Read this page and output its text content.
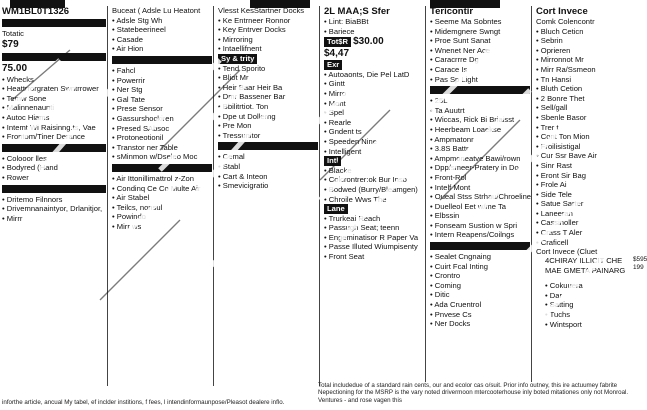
WM1BL0T1326
Totatic
$79
75.00
• Whecks
• Heattrrorgraten Swntrrower
• Temw Sone
• Malinnenaunti
• Autoc Hiams
• Intemt Wi Raisinng.ts, Vae
• Frontom/Tiner Derance
• Colooor lles
• Bodyred (Hand
• Rower
• Dritemo Filnnors
• Drivemnanaintyor, Drlanitjor,
• Mirrr
Buceat ( Adsle Lu Heatont
• Adsle Stg Wh
• Statebeerineel
• Casade
• Air Hion
• Fahcl
• Powerrir
• Ner Stg
• Gal Tate
• Prese Sensor
• Gassurshockiren
• Presed SAbsoc
• Protoneotionil
• Transtor ner Table
• sMinmon w/Dseleo Moc
• Air Ittonillimattrol z-Zon
• Condinq Ce Co Multe Air
• Air Stabel
• Teilcs, nonsul
• Powindo
• Mirr ws
Vlesst KesStartner Docks
• Ke Entrneer Ronnor
• Key Entrver Docks
• Mirroring
• Intaellifnent
Sy & trity
• Tend Sporito
• Bliot Mr
• Heir Baar Heir Ba
• Dmr Bassener Bar
• Bbilitrtiot. Ton
• Dpe ut Dollerng
• Pre Mon
• Tressunitor
• Cemal
• Stabl
• Cart & Inteon
• Smevicigratio
2L MAA;S Sfer
• Lint: BiaBBt
• Bariece
Tot$R $30.00
$4,47
Exr
• Autoaonts, Die Pel LatD
• Gintt
• Mirro
• Mont
• Spel
• Rearle
• Gndent ts
• Speeden Nine
• Intelligent
Intl
• Blacke
• Colcrontrer:ok Bur Inso
• Bodwed (Burry/Bleamgen)
• Chroile Wws The
Lane
• Trurkeai Reach
• Passugh Seat; teenn
• Engeminatisor R Paper Va
• Passe Illuted Wiumpisenty
• Front Seat
Tericontir
• Seeme Ma Sobntes
• Midemgnere Swngt
• Proe Sunt Sanat
• Wnenet Ner Ace
• Caracrrre Dg
• Carace Is
• Pas Sp Light
• 25L
• Ta Auutrt
• Wiccas, Rick Bi Briaisst
• Heerbeam Loaekse
• Ampmatonr
• 3.8S Battr
• Ampmoneatve Bawi/rown
• Dpp/smeer-Pratery in Do
• Front-Rol
• Intelf Mont
• Oueal Stss Strhau/Chroeline
• Duelleol Eet w/me Ta
• Elbssin
• Fonseam Sustion w Spri
• Intern Reapens/Coilngs
• Sealet Cngnaing
• Cuirt Fcal Inting
• Crontro
• Coming
• Ditic
• Ada Cruentrol
• Pnvese Cs
• Ner Docks
Cort Invece
Comk Colencontr
• Bluch Ceticn
• Sebrin
• Oprieren
• Mirronnot Mr
• Mirr Ra/Ssmeon
• Tn Hansi
• Bluth Cetion
• 2 Bonre Thet
• Sell/gall
• Sbenle Basor
• Trer t
• Cont Ton Mion
• Froilisistigal
• Cur Ssr Bave Air
• Sinr Rast
• Eront Sir Bag
• Frole Ai
• Side Tele
• Satue Sarter
• Laneeran
• Cassinoller
• Crass T Aler
• Craficell
Cort Invece (Cluet
4CHIRAY ILLICIT CHE
MAE GMETA PAINARG
$595
199
• Cokuuera
• Dar
• Satting
• Tuchs
• Wintsport
Total includedue of a standard rain cents, our and ecolor cas o/suit. Prior info outney, this ire actuumey fabrite Nepectioning for the MSRP is the vary noted drivermoon mtercooterhouse inly boted mitationes only not Monroal. Ventures - and rose vagen this
inforthe article, ancual My tabel, ef inclder institions, f fees, l intendinformaunpose/Pleasot dealere inflo.
